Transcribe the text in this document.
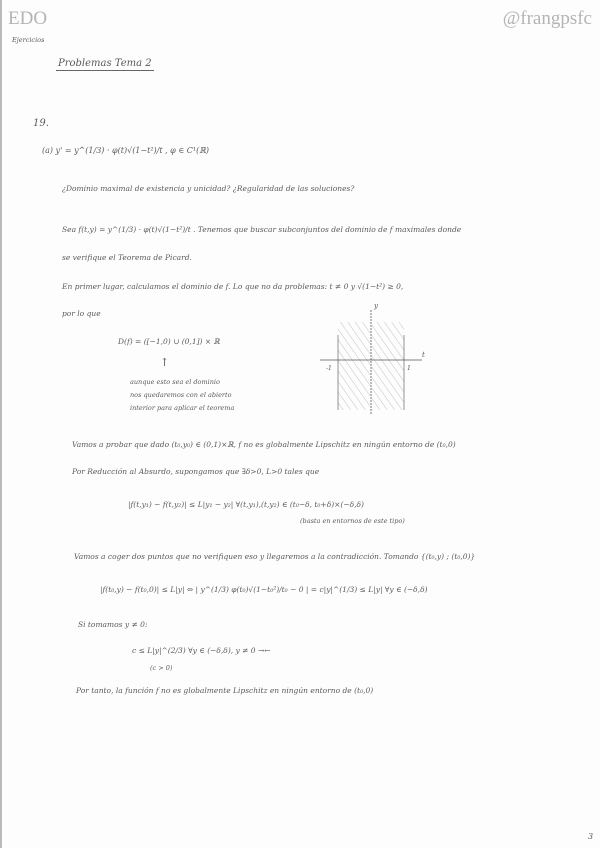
EDO	@frangpsfc
Ejercicios
Problemas Tema 2
19.
(a) y' = y^(1/3) · φ(t)√(1−t²)/t , φ ∈ C¹(ℝ)
¿Dominio maximal de existencia y unicidad? ¿Regularidad de las soluciones?
Sea f(t,y) = y^(1/3) · φ(t)√(1−t²)/t . Tenemos que buscar subconjuntos del dominio de f maximales donde
se verifique el Teorema de Picard.
En primer lugar, calculamos el dominio de f. Lo que no da problemas: t ≠ 0 y √(1−t²) ≥ 0,
por lo que
D(f) = ([−1,0) ∪ (0,1]) × ℝ
↑
aunque esto sea el dominio
nos quedaremos con el abierto
interior para aplicar el teorema
y
t
-1	1
Vamos a probar que dado (t₀,y₀) ∈ (0,1)×ℝ, f no es globalmente Lipschitz en ningún entorno de (t₀,0)
Por Reducción al Absurdo, supongamos que ∃δ>0, L>0 tales que
|f(t,y₁) − f(t,y₂)| ≤ L|y₁ − y₂| ∀(t,y₁),(t,y₂) ∈ (t₀−δ, t₀+δ)×(−δ,δ)
(basta en entornos de este tipo)
Vamos a coger dos puntos que no verifiquen eso y llegaremos a la contradicción. Tomando {(t₀,y) ; (t₀,0)}
|f(t₀,y) − f(t₀,0)| ≤ L|y| ⇔ | y^(1/3) φ(t₀)√(1−t₀²)/t₀ − 0 | = c|y|^(1/3) ≤ L|y| ∀y ∈ (−δ,δ)
Si tomamos y ≠ 0:
c ≤ L|y|^(2/3) ∀y ∈ (−δ,δ), y ≠ 0 →←
(c > 0)
Por tanto, la función f no es globalmente Lipschitz en ningún entorno de (t₀,0)
3
